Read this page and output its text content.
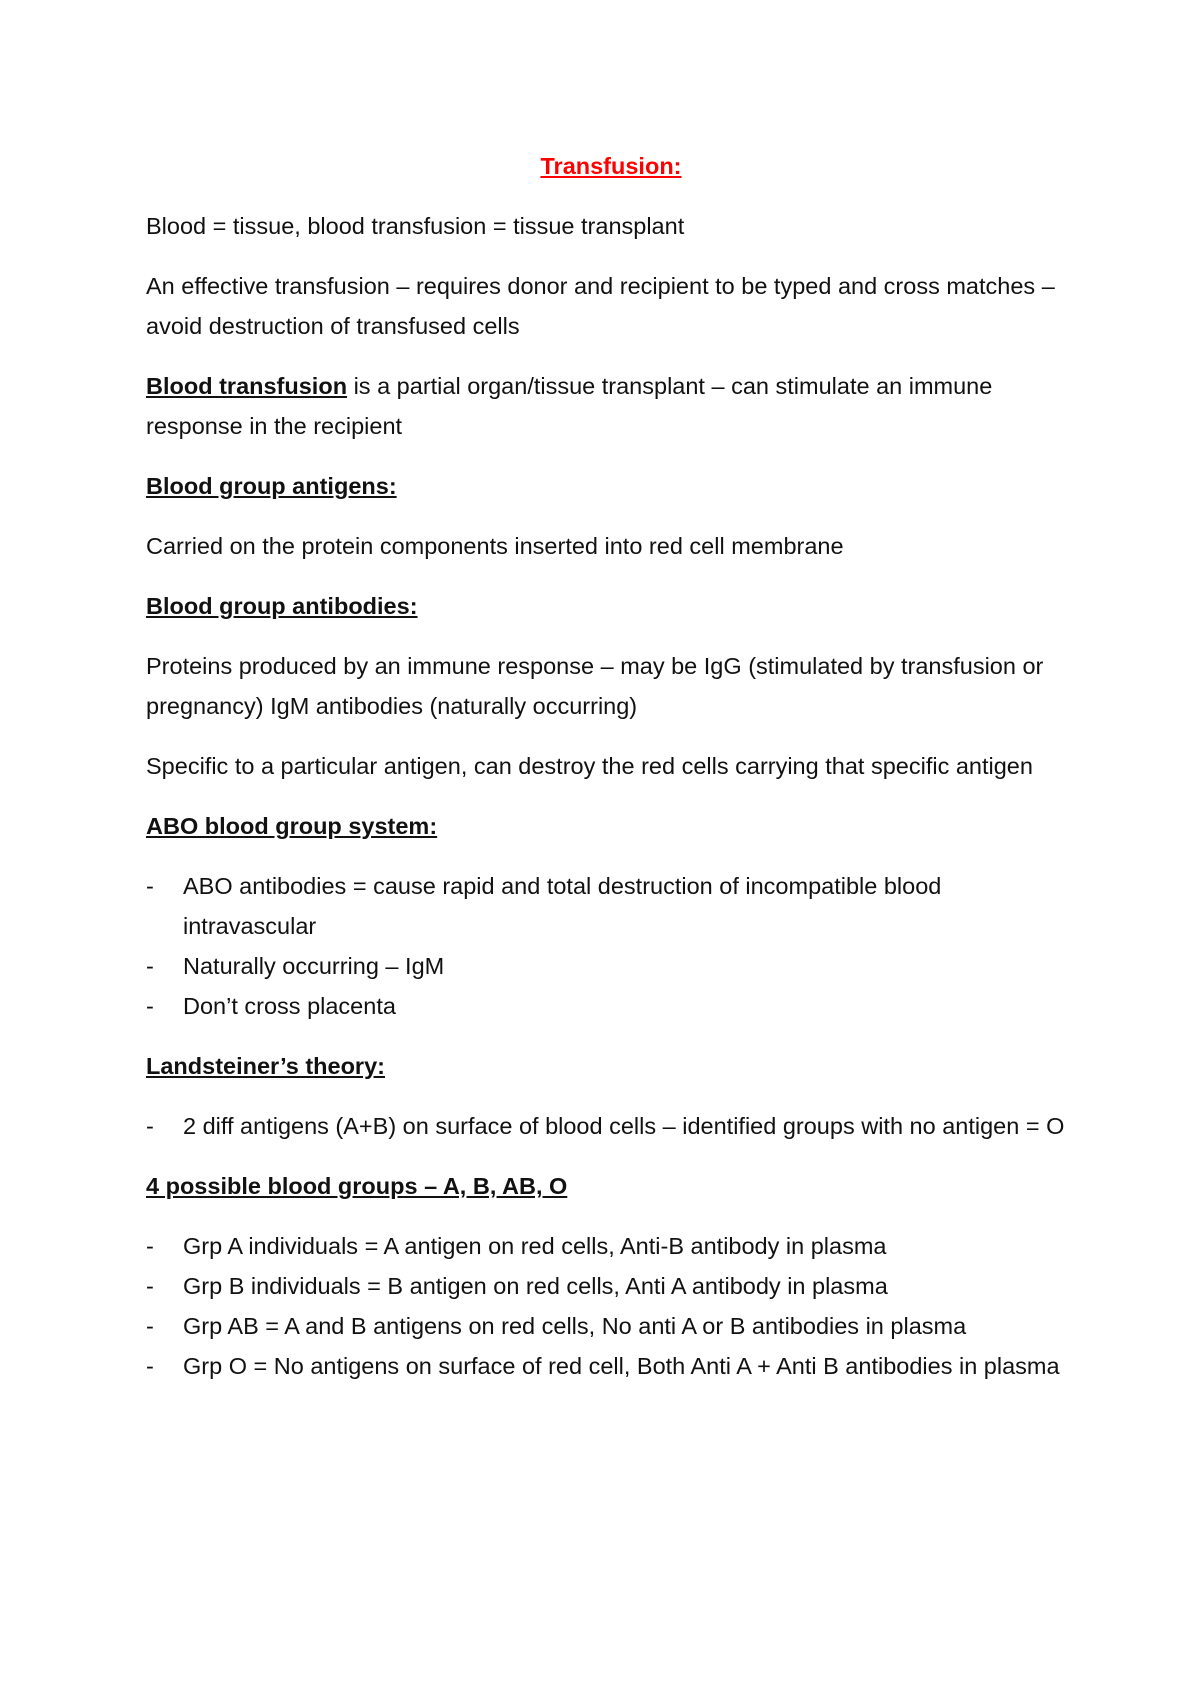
Transfusion:

Blood = tissue, blood transfusion = tissue transplant

An effective transfusion – requires donor and recipient to be typed and cross matches – avoid destruction of transfused cells

Blood transfusion is a partial organ/tissue transplant – can stimulate an immune response in the recipient

Blood group antigens:

Carried on the protein components inserted into red cell membrane

Blood group antibodies:

Proteins produced by an immune response – may be IgG (stimulated by transfusion or pregnancy) IgM antibodies (naturally occurring)

Specific to a particular antigen, can destroy the red cells carrying that specific antigen

ABO blood group system:

- ABO antibodies = cause rapid and total destruction of incompatible blood intravascular
- Naturally occurring – IgM
- Don’t cross placenta

Landsteiner’s theory:

- 2 diff antigens (A+B) on surface of blood cells – identified groups with no antigen = O

4 possible blood groups – A, B, AB, O

- Grp A individuals = A antigen on red cells, Anti-B antibody in plasma
- Grp B individuals = B antigen on red cells, Anti A antibody in plasma
- Grp AB = A and B antigens on red cells, No anti A or B antibodies in plasma
- Grp O = No antigens on surface of red cell, Both Anti A + Anti B antibodies in plasma
